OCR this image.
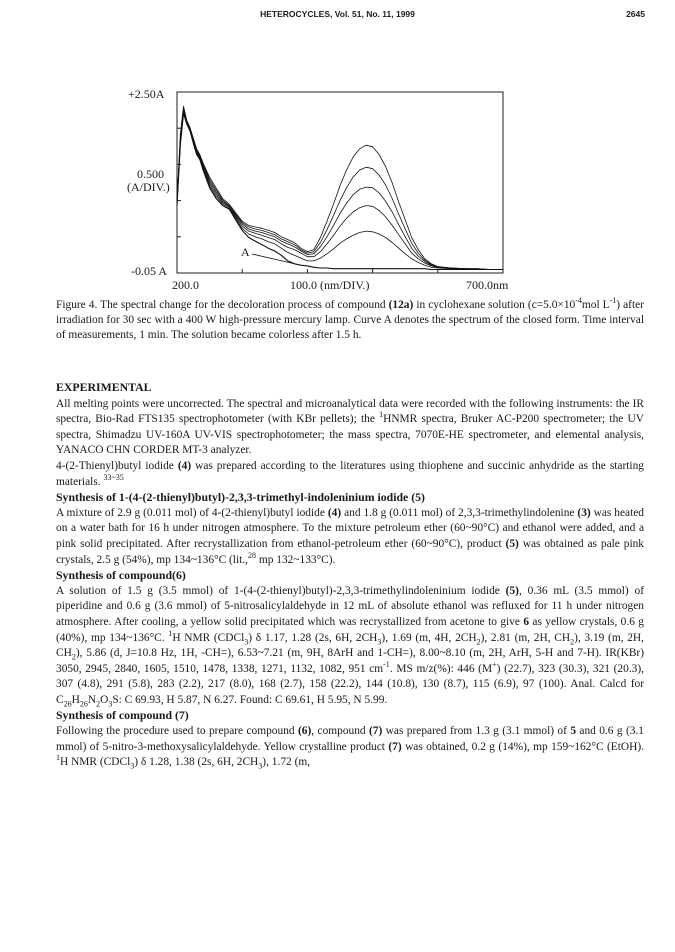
HETEROCYCLES, Vol. 51, No. 11, 1999	2645
+2.50A
0.500
(A/DIV.)
-0.05 A
200.0	100.0 (nm/DIV.)	700.0nm
A
Figure 4. The spectral change for the decoloration process of compound (12a) in cyclohexane solution ($c=5.0\times 10^{-4}mol$ $L^{-1}$) after irradiation for 30 sec with a 400 W high-pressure mercury lamp. Curve A denotes the spectrum of the closed form. Time interval of measurements, 1 min. The solution became colorless after 1.5 h.
EXPERIMENTAL

All melting points were uncorrected. The spectral and microanalytical data were recorded with the following instruments: the IR spectra, Bio-Rad FTS135 spectrophotometer (with KBr pellets); the $^1$HNMR spectra, Bruker AC-P200 spectrometer; the UV spectra, Shimadzu UV-160A UV-VIS spectrophotometer; the mass spectra, 7070E-HE spectrometer, and elemental analysis, YANACO CHN CORDER MT-3 analyzer.

4-(2-Thienyl)butyl iodide (4) was prepared according to the literatures using thiophene and succinic anhydride as the starting materials. $^{33\sim 35}$

Synthesis of 1-(4-(2-thienyl)butyl)-2,3,3-trimethyl-indoleninium iodide (5)

A mixture of 2.9 g (0.011 mol) of 4-(2-thienyl)butyl iodide (4) and 1.8 g (0.011 mol) of 2,3,3-trimethylindolenine (3) was heated on a water bath for 16 h under nitrogen atmosphere. To the mixture petroleum ether (60~90°C) and ethanol were added, and a pink solid precipitated. After recrystallization from ethanol-petroleum ether (60~90°C), product (5) was obtained as pale pink crystals, 2.5 g (54%), mp 134~136°C (lit.,$^{28}$ mp 132~133°C).

Synthesis of compound(6)

A solution of 1.5 g (3.5 mmol) of 1-(4-(2-thienyl)butyl)-2,3,3-trimethylindoleninium iodide (5), 0.36 mL (3.5 mmol) of piperidine and 0.6 g (3.6 mmol) of 5-nitrosalicylaldehyde in 12 mL of absolute ethanol was refluxed for 11 h under nitrogen atmosphere. After cooling, a yellow solid precipitated which was recrystallized from acetone to give 6 as yellow crystals, 0.6 g (40%), mp 134~136°C. $^1$H NMR (CDCl$_3$) δ 1.17, 1.28 (2s, 6H, $2CH_3$), 1.69 (m, 4H, $2CH_2$), 2.81 (m, 2H, $CH_2$), 3.19 (m, 2H, $CH_2$), 5.86 (d, J=10.8 Hz, 1H, -CH=), 6.53~7.21 (m, 9H, 8ArH and 1-CH=), 8.00~8.10 (m, 2H, ArH, 5-H and 7-H). IR(KBr) 3050, 2945, 2840, 1605, 1510, 1478, 1338, 1271, 1132, 1082, 951 $cm^{-1}$. MS m/z(%): 446 (M+) (22.7), 323 (30.3), 321 (20.3), 307 (4.8), 291 (5.8), 283 (2.2), 217 (8.0), 168 (2.7), 158 (22.2), 144 (10.8), 130 (8.7), 115 (6.9), 97 (100). Anal. Calcd for $C_{26}H_{26}N_2O_3S$: C 69.93, H 5.87, N 6.27. Found: C 69.61, H 5.95, N 5.99.

Synthesis of compound (7)

Following the procedure used to prepare compound (6), compound (7) was prepared from 1.3 g (3.1 mmol) of 5 and 0.6 g (3.1 mmol) of 5-nitro-3-methoxysalicylaldehyde. Yellow crystalline product (7) was obtained, 0.2 g (14%), mp 159~162°C (EtOH). $^1$H NMR (CDCl$_3$) δ 1.28, 1.38 (2s, 6H, $2CH_3$), 1.72 (m,
